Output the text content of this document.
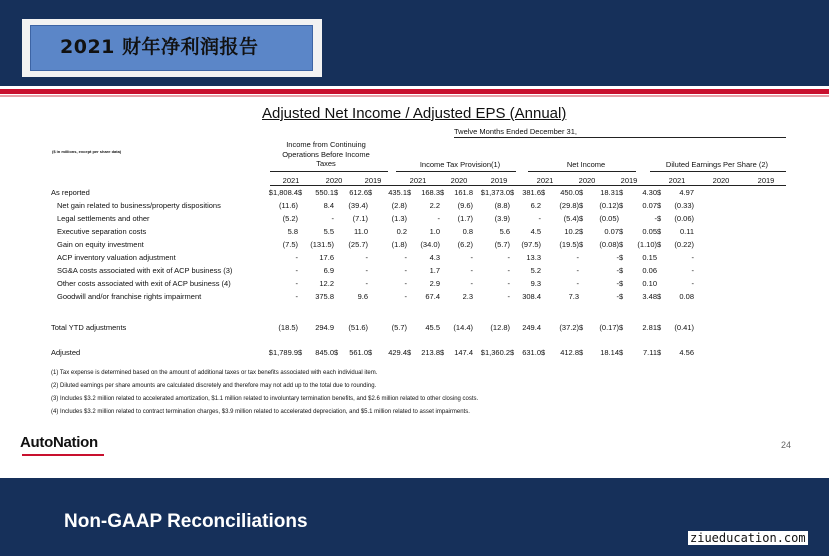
2021 财年净利润报告
Adjusted Net Income / Adjusted EPS (Annual)
Twelve Months Ended December 31,
($ in millions, except per share data)
Income from Continuing Operations Before Income Taxes	Income Tax Provision(1)	Net Income	Diluted Earnings Per Share (2)
2021	2020	2019	2021	2020	2019	2021	2020	2019	2021	2020	2019
As reported	$1,808.4	$	550.1	$	612.6	$	435.1	$	168.3	$	161.8	$1,373.0	$	381.6	$	450.0	$	18.31	$	4.30	$	4.97
Net gain related to business/property dispositions	(11.6)		8.4		(39.4)		(2.8)		2.2		(9.6)	(8.8)		6.2		(29.8)	$	(0.12)	$	0.07	$	(0.33)
Legal settlements and other	(5.2)		-		(7.1)		(1.3)		-		(1.7)	(3.9)		-		(5.4)	$	(0.05)		-	$	(0.06)
Executive separation costs	5.8		5.5		11.0		0.2		1.0		0.8	5.6		4.5		10.2	$	0.07	$	0.05	$	0.11
Gain on equity investment	(7.5)		(131.5)		(25.7)		(1.8)		(34.0)		(6.2)	(5.7)		(97.5)		(19.5)	$	(0.08)	$	(1.10)	$	(0.22)
ACP inventory valuation adjustment	-		17.6		-		-		4.3		-	-		13.3		-		-	$	0.15		-
SG&A costs associated with exit of ACP business (3)	-		6.9		-		-		1.7		-	-		5.2		-		-	$	0.06		-
Other costs associated with exit of ACP business (4)	-		12.2		-		-		2.9		-	-		9.3		-		-	$	0.10		-
Goodwill and/or franchise rights impairment	-		375.8		9.6		-		67.4		2.3	-		308.4		7.3		-	$	3.48	$	0.08

Total YTD adjustments	(18.5)		294.9		(51.6)		(5.7)		45.5		(14.4)	(12.8)		249.4		(37.2)	$	(0.17)	$	2.81	$	(0.41)

Adjusted	$1,789.9	$	845.0	$	561.0	$	429.4	$	213.8	$	147.4	$1,360.2	$	631.0	$	412.8	$	18.14	$	7.11	$	4.56
(1) Tax expense is determined based on the amount of additional taxes or tax benefits associated with each individual item.
(2) Diluted earnings per share amounts are calculated discretely and therefore may not add up to the total due to rounding.
(3) Includes $3.2 million related to accelerated amortization, $1.1 million related to involuntary termination benefits, and $2.6 million related to other closing costs.
(4) Includes $3.2 million related to contract termination charges, $3.9 million related to accelerated depreciation, and $5.1 million related to asset impairments.
AutoNation	24
Non-GAAP Reconciliations
ziueducation.com
